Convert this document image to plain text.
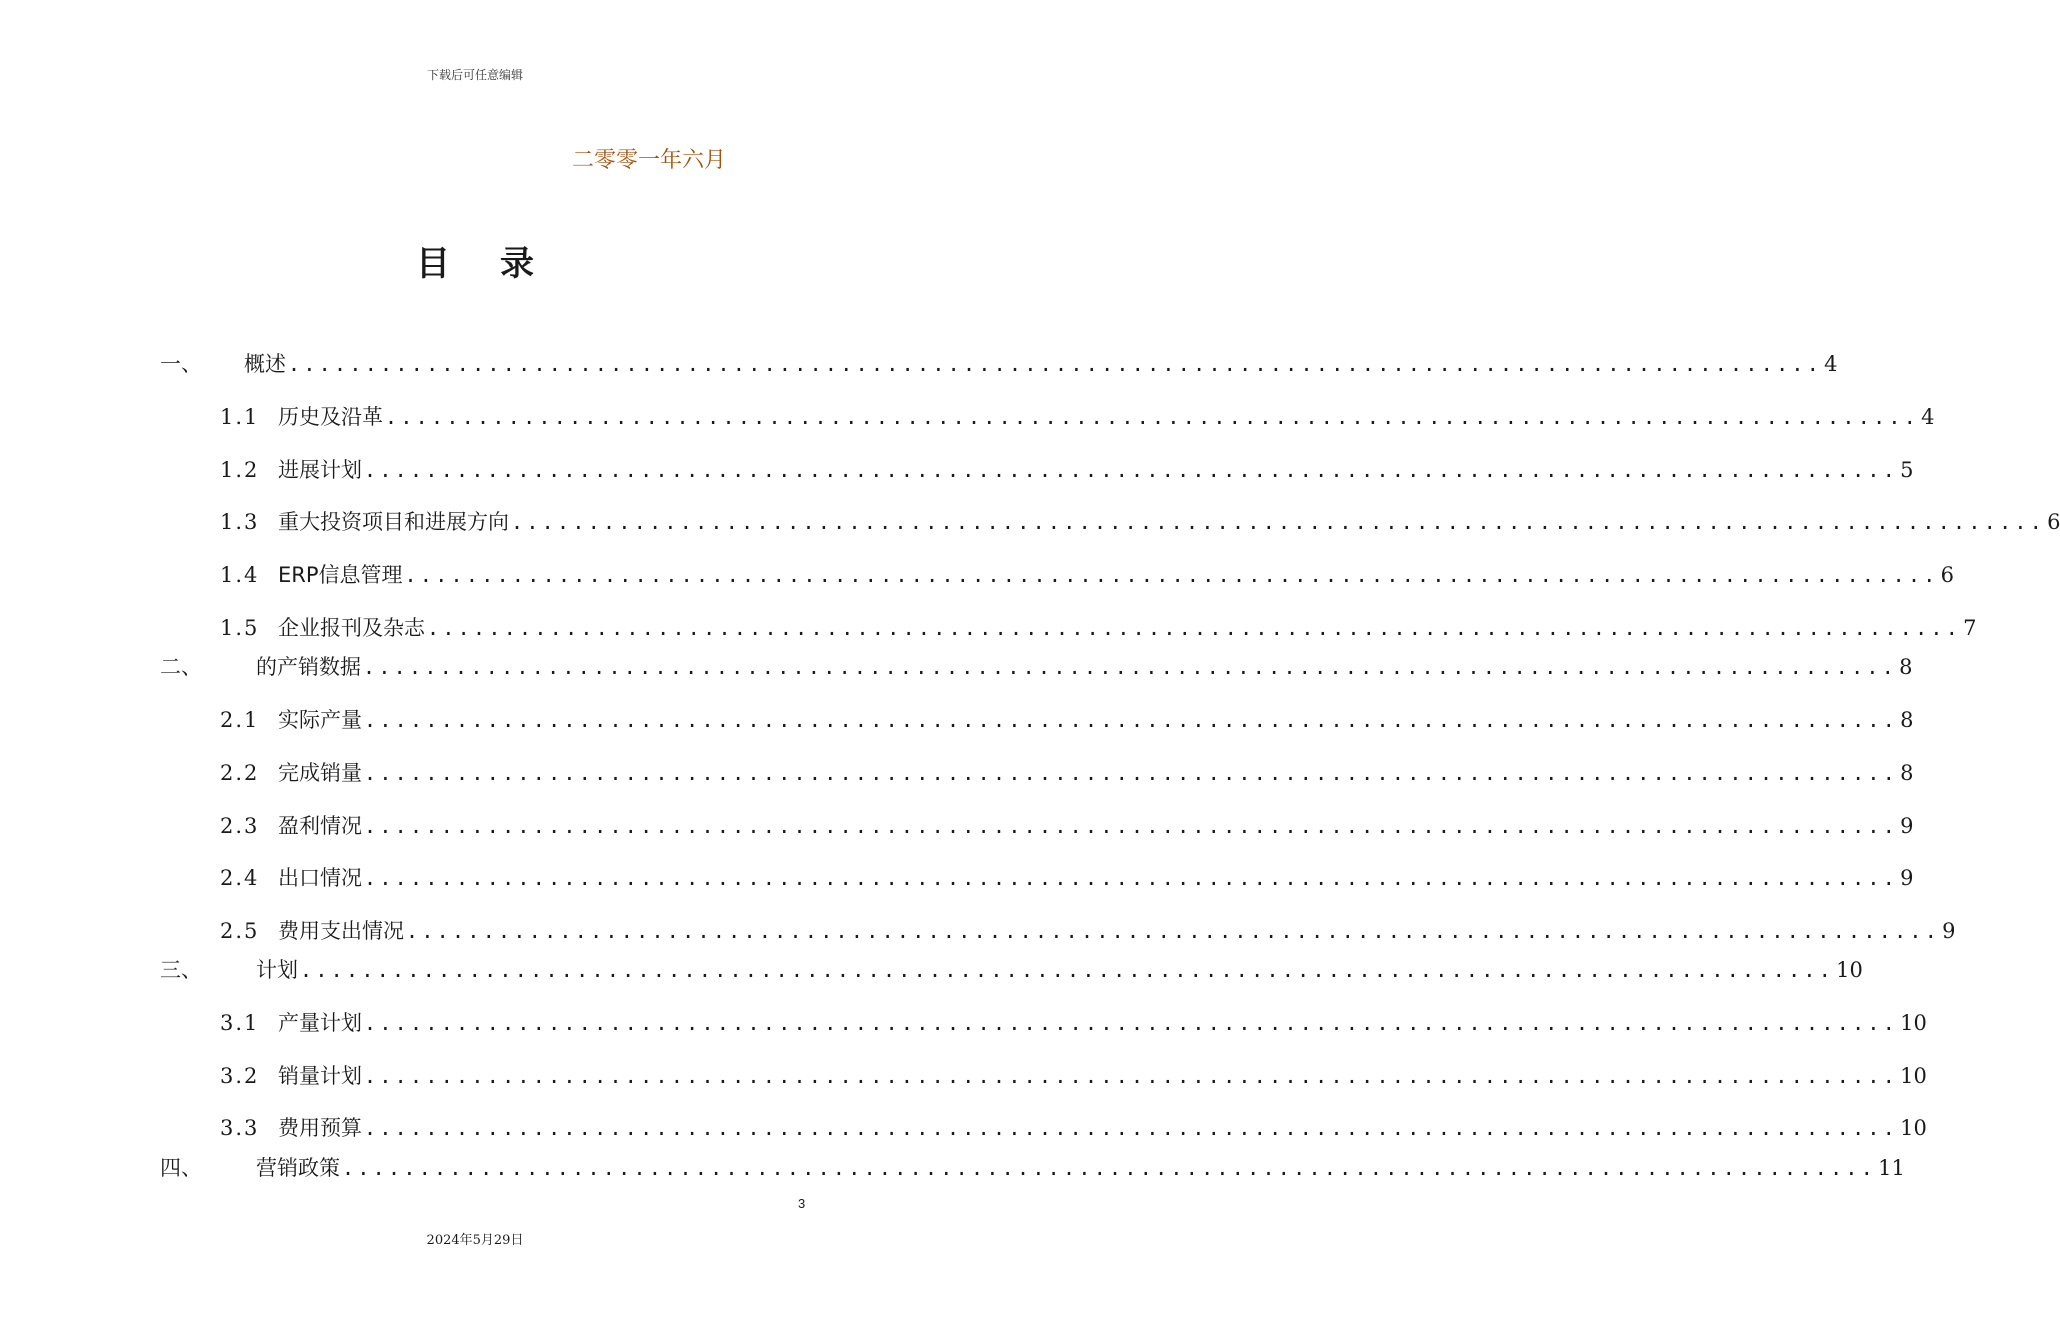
下载后可任意编辑
二零零一年六月
目 录
一、	概述 .................................................................................................... 4
1.1 历史及沿革 .................................................................................................... 4
1.2 进展计划 .................................................................................................... 5
1.3 重大投资项目和进展方向 .................................................................................................... 6
1.4 ERP信息管理 .................................................................................................... 6
1.5 企业报刊及杂志 .................................................................................................... 7
二、	的产销数据 .................................................................................................... 8
2.1 实际产量 .................................................................................................... 8
2.2 完成销量 .................................................................................................... 8
2.3 盈利情况 .................................................................................................... 9
2.4 出口情况 .................................................................................................... 9
2.5 费用支出情况 .................................................................................................... 9
三、	计划 .................................................................................................... 10
3.1 产量计划 .................................................................................................... 10
3.2 销量计划 .................................................................................................... 10
3.3 费用预算 .................................................................................................... 10
四、	营销政策 .................................................................................................... 11
3
2024年5月29日
